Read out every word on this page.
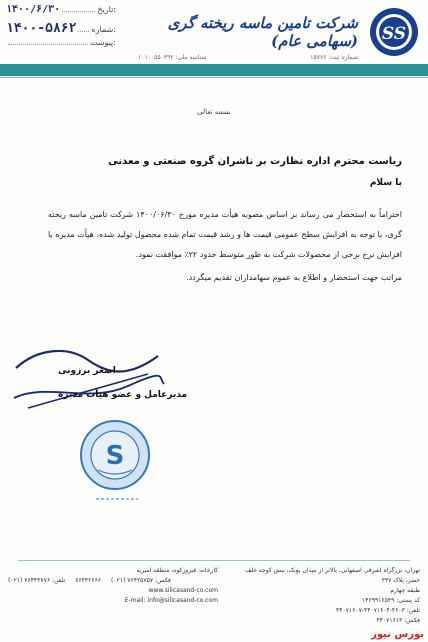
۱۴۰۰/۶/۳۰	تاریخ:
۱۴۰۰-۵۸۶۲ شماره:
پیوست:
شرکت تامین ماسه ریخته گری (سهامی عام)
شماره ثبت: ۱۵۷۷۶
شناسه ملی: ۱۰۱۰۰۵۵۰۳۹۲
SS
بسمه تعالی
ریاست محترم اداره نظارت بر ناشران گروه صنعتی و معدنی
با سلام
احتراماً به استحضار می رساند بر اساس مصوبه هیأت مدیره مورخ ۱۴۰۰/۰۶/۳۰ شرکت تامین ماسه ریخته گری، با توجه به افزایش سطح عمومی قیمت ها و رشد قیمت تمام شده محصول تولید شده، هیأت مدیره با افزایش نرخ برخی از محصولات شرکت به طور متوسط حدود ۲۲٪ موافقت نمود.
مراتب جهت استحضار و اطلاع به عموم سهامداران تقدیم میگردد.
اصغر برزونی
مدیرعامل و عضو هیأت مدیره
S
تهران، بزرگراه اشرفی اصفهانی، بالاتر از میدان پونک، نبش کوچه خلف خضر، پلاک ۳۳۷
طبقه چهارم
کد پستی: ۱۴۶۹۹۱۶۵۳۹
تلفن: ۴۶۰۳-۴۴۰۷۱۶۰۴-۴۴۰۷۱۶۰۷
فکس: ۴۴۰۷۱۶۱۳
کارخانه: فیروزکوه، منطقه امیریه
فکس: ۷۶۴۲۵۷۵۷ (۰۲۱)
۷۶۴۴۲۶۶۶
تلفن: ۷۶۴۴۳۷۷۶ (۰۲۱)
www.silicasand-co.com
E-mail: info@silicasand-co.com
بورس نیوز
